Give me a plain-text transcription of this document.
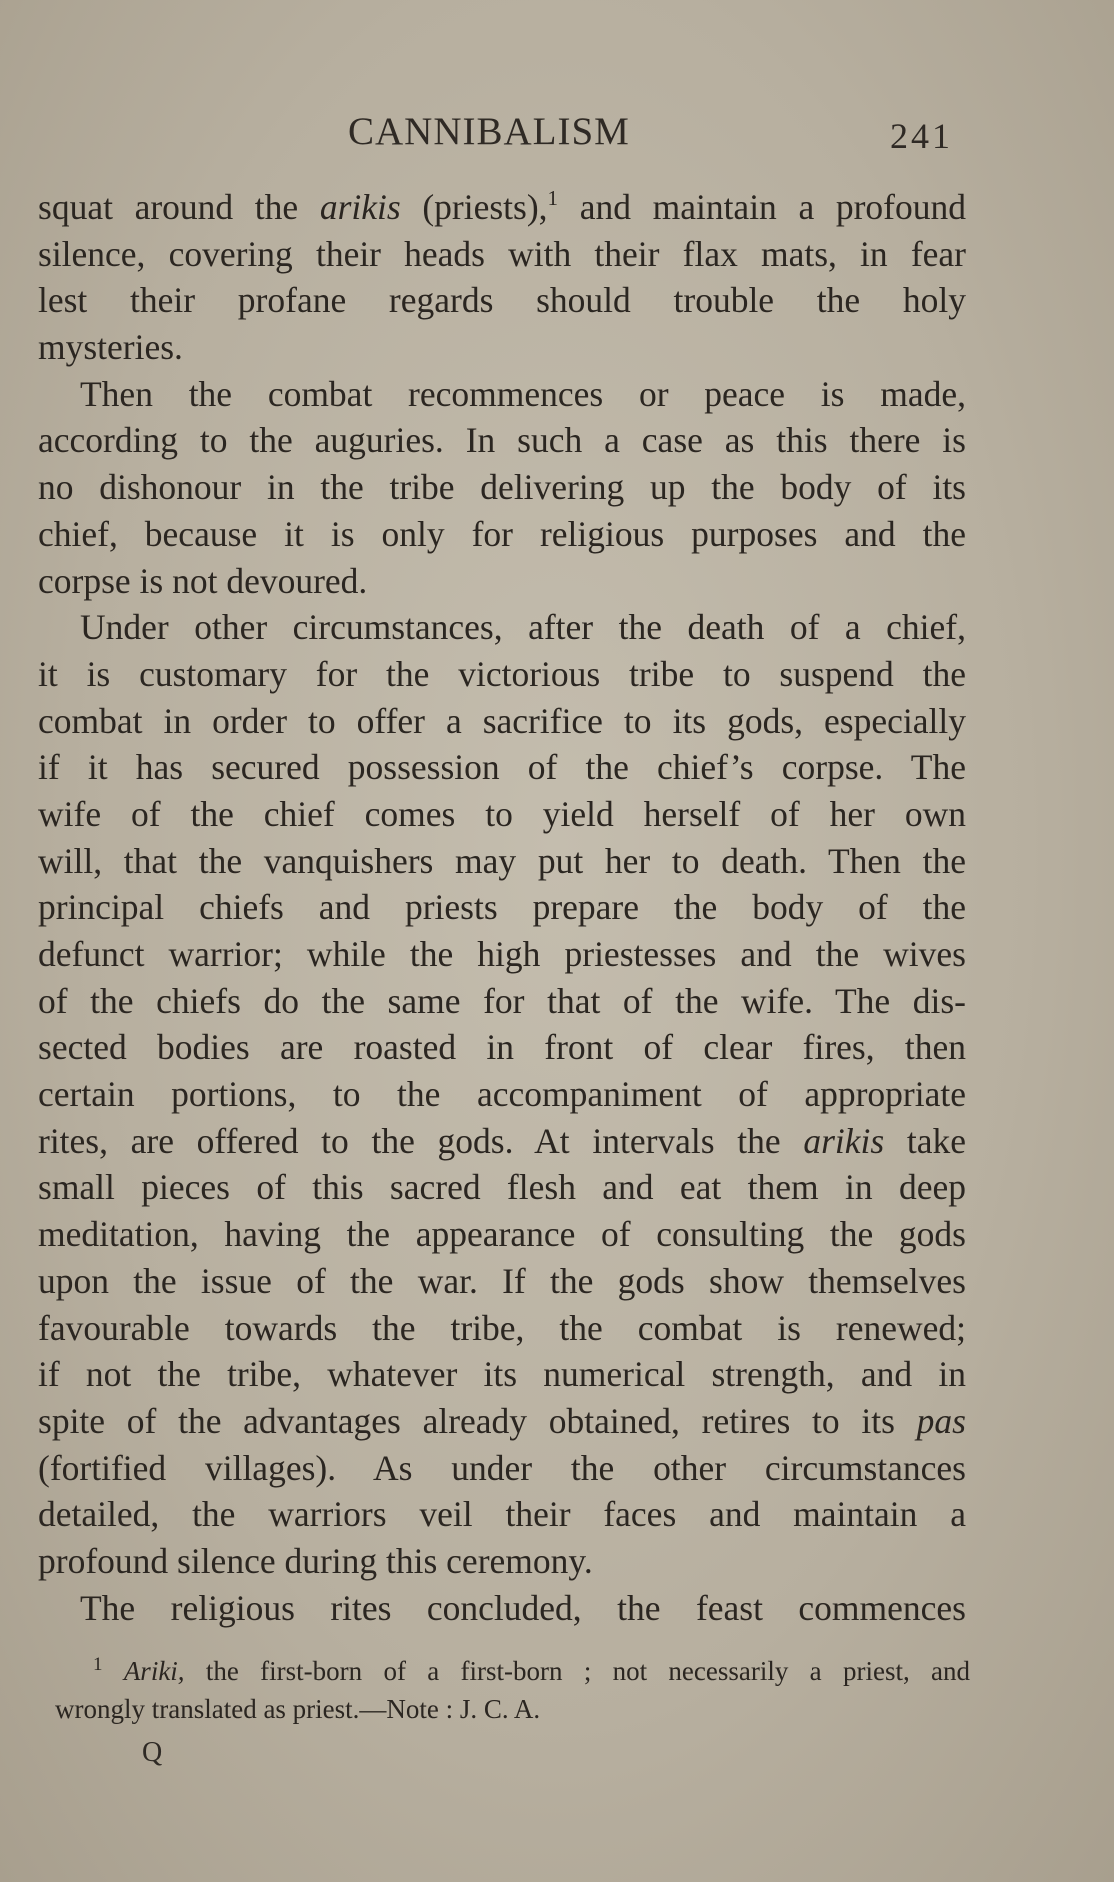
CANNIBALISM	241
squat around the arikis (priests),$^1$ and maintain a profound
silence, covering their heads with their flax mats, in fear
lest their profane regards should trouble the holy
mysteries.
Then the combat recommences or peace is made,
according to the auguries. In such a case as this there is
no dishonour in the tribe delivering up the body of its
chief, because it is only for religious purposes and the
corpse is not devoured.
Under other circumstances, after the death of a chief,
it is customary for the victorious tribe to suspend the
combat in order to offer a sacrifice to its gods, especially
if it has secured possession of the chief’s corpse. The
wife of the chief comes to yield herself of her own
will, that the vanquishers may put her to death. Then the
principal chiefs and priests prepare the body of the
defunct warrior; while the high priestesses and the wives
of the chiefs do the same for that of the wife. The dis-
sected bodies are roasted in front of clear fires, then
certain portions, to the accompaniment of appropriate
rites, are offered to the gods. At intervals the arikis take
small pieces of this sacred flesh and eat them in deep
meditation, having the appearance of consulting the gods
upon the issue of the war. If the gods show themselves
favourable towards the tribe, the combat is renewed;
if not the tribe, whatever its numerical strength, and in
spite of the advantages already obtained, retires to its pas
(fortified villages). As under the other circumstances
detailed, the warriors veil their faces and maintain a
profound silence during this ceremony.
The religious rites concluded, the feast commences
$^1$ Ariki, the first-born of a first-born ; not necessarily a priest, and
wrongly translated as priest.—Note : J. C. A.
Q
